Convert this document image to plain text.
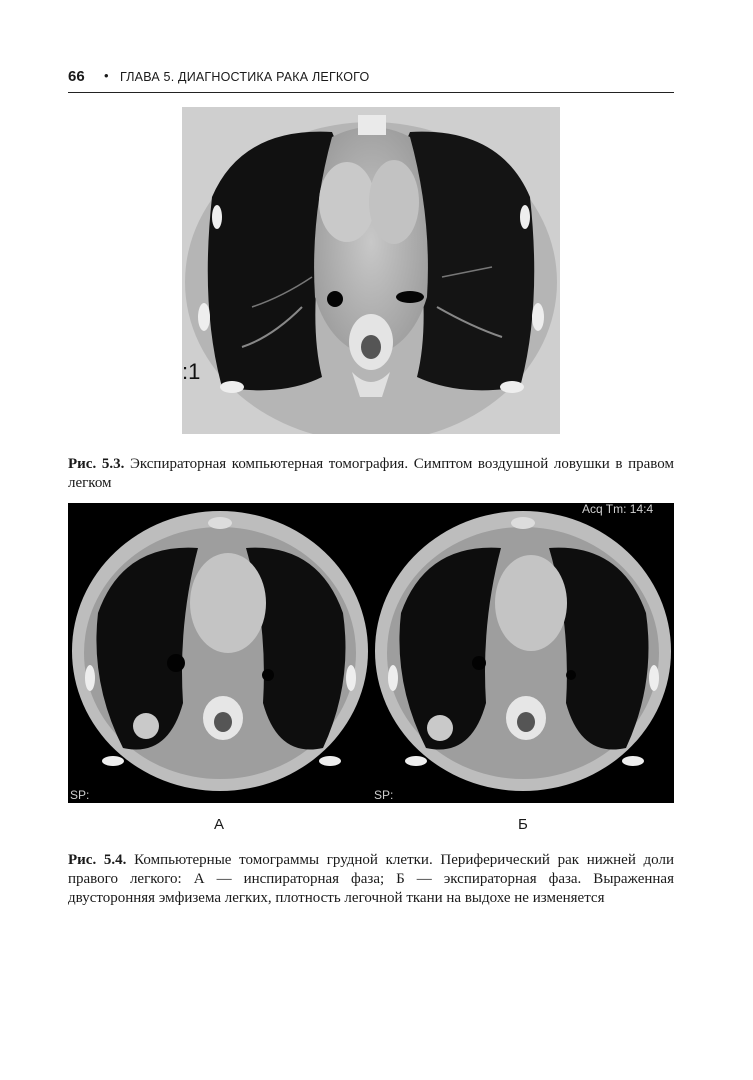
66 • ГЛАВА 5. ДИАГНОСТИКА РАКА ЛЕГКОГО
:1

Рис. 5.3. Экспираторная компьютерная томография. Симптом воздушной ловушки в правом легком

Acq Tm: 14:4
SP:	SP:
А	Б

Рис. 5.4. Компьютерные томограммы грудной клетки. Периферический рак нижней доли правого легкого: А — инспираторная фаза; Б — экспираторная фаза. Выраженная двусторонняя эмфизема легких, плотность легочной ткани на выдохе не изменяется
